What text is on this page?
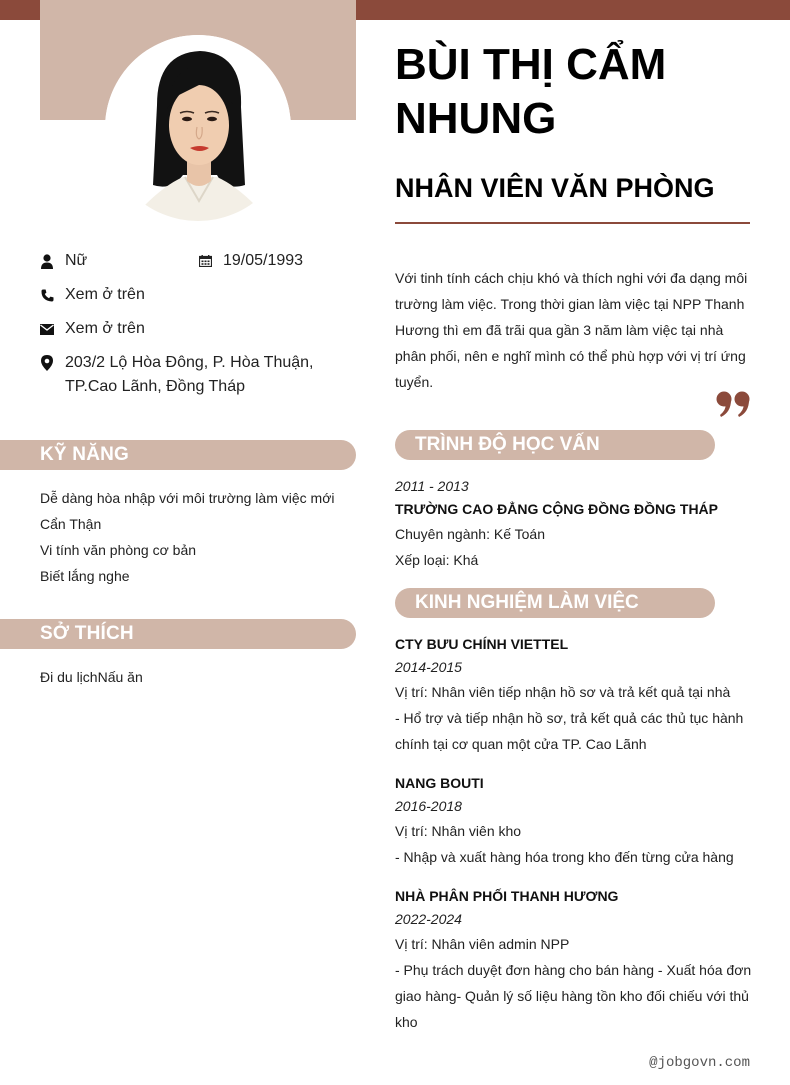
Nữ	19/05/1993
Xem ở trên
Xem ở trên
203/2 Lộ Hòa Đông, P. Hòa Thuận, TP.Cao Lãnh, Đồng Tháp
KỸ NĂNG
Dễ dàng hòa nhập với môi trường làm việc mới
Cẩn Thận
Vi tính văn phòng cơ bản
Biết lắng nghe
SỞ THÍCH
Đi du lịchNấu ăn
BÙI THỊ CẨM NHUNG
NHÂN VIÊN VĂN PHÒNG
Với tinh tính cách chịu khó và thích nghi với đa dạng môi trường làm việc. Trong thời gian làm việc tại NPP Thanh Hương thì em đã trãi qua gần 3 năm làm việc tại nhà phân phối, nên e nghĩ mình có thể phù hợp với vị trí ứng tuyển.
TRÌNH ĐỘ HỌC VẤN
2011 - 2013
TRƯỜNG CAO ĐẲNG CỘNG ĐỒNG ĐỒNG THÁP
Chuyên ngành: Kế Toán
Xếp loại: Khá
KINH NGHIỆM LÀM VIỆC
CTY BƯU CHÍNH VIETTEL
2014-2015
Vị trí: Nhân viên tiếp nhận hồ sơ và trả kết quả tại nhà
- Hổ trợ và tiếp nhận hồ sơ, trả kết quả các thủ tục hành chính tại cơ quan một cửa TP. Cao Lãnh
NANG BOUTI
2016-2018
Vị trí: Nhân viên kho
- Nhập và xuất hàng hóa trong kho đến từng cửa hàng
NHÀ PHÂN PHỐI THANH HƯƠNG
2022-2024
Vị trí: Nhân viên admin NPP
- Phụ trách duyệt đơn hàng cho bán hàng - Xuất hóa đơn giao hàng- Quản lý số liệu hàng tồn kho đối chiếu với thủ kho
@jobgovn.com
